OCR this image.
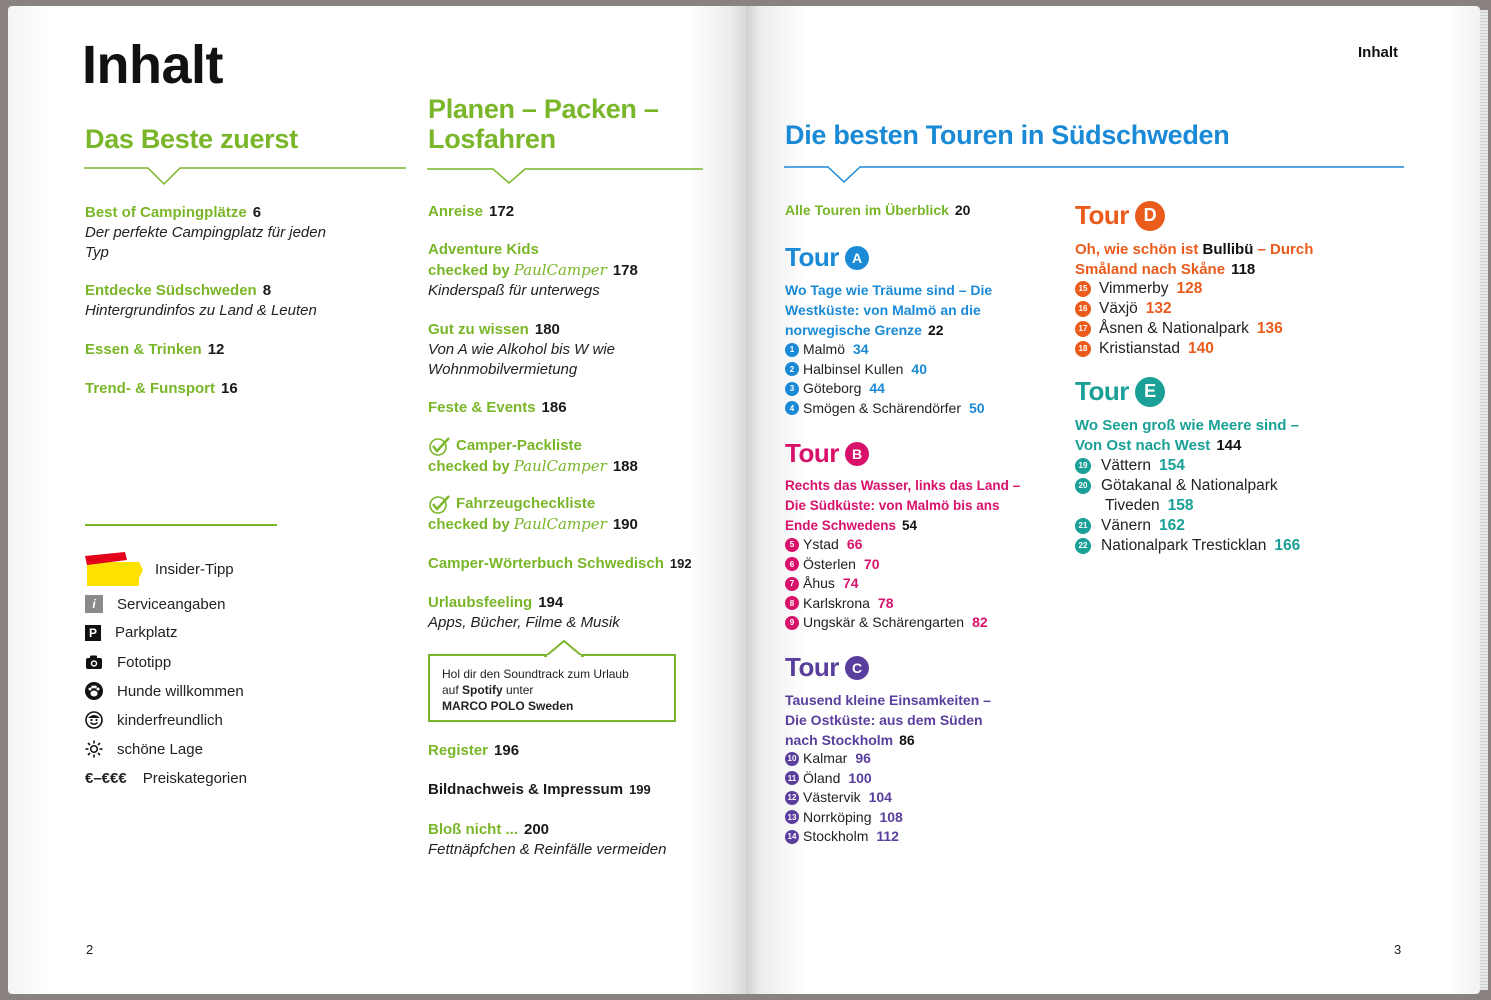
Inhalt
Das Beste zuerst
Best of Campingplätze 6
Der perfekte Campingplatz für jeden Typ
Entdecke Südschweden 8
Hintergrundinfos zu Land & Leuten
Essen & Trinken 12
Trend- & Funsport 16
Insider-Tipp
i	Serviceangaben
P Parkplatz
Fototipp
Hunde willkommen
kinderfreundlich
schöne Lage
€–€€€ Preiskategorien
2
Planen – Packen –
Losfahren
Anreise 172
Adventure Kids
checked by PaulCamper 178
Kinderspaß für unterwegs
Gut zu wissen 180
Von A wie Alkohol bis W wie
Wohnmobilvermietung
Feste & Events 186
Camper-Packliste
checked by PaulCamper 188
Fahrzeugcheckliste
checked by PaulCamper 190
Camper-Wörterbuch Schwedisch 192
Urlaubsfeeling 194
Apps, Bücher, Filme & Musik
Hol dir den Soundtrack zum Urlaub
auf Spotify unter
MARCO POLO Sweden
Register 196
Bildnachweis & Impressum 199
Bloß nicht ... 200
Fettnäpfchen & Reinfälle vermeiden
Inhalt
Die besten Touren in Südschweden
Alle Touren im Überblick 20
Tour A
Wo Tage wie Träume sind – Die
Westküste: von Malmö an die
norwegische Grenze 22
1 Malmö 34
2 Halbinsel Kullen 40
3 Göteborg 44
4 Smögen & Schärendörfer 50
Tour B
Rechts das Wasser, links das Land –
Die Südküste: von Malmö bis ans
Ende Schwedens 54
5 Ystad 66
6 Österlen 70
7 Åhus 74
8 Karlskrona 78
9 Ungskär & Schärengarten 82
Tour C
Tausend kleine Einsamkeiten –
Die Ostküste: aus dem Süden
nach Stockholm 86
10 Kalmar 96
11 Öland 100
12 Västervik 104
13 Norrköping 108
14 Stockholm 112
Tour D
Oh, wie schön ist Bullibü – Durch
Småland nach Skåne 118
15 Vimmerby 128
16 Växjö 132
17 Åsnen & Nationalpark 136
18 Kristianstad 140
Tour E
Wo Seen groß wie Meere sind –
Von Ost nach West 144
19 Vättern 154
20 Götakanal & Nationalpark
Tiveden 158
21 Vänern 162
22 Nationalpark Tresticklan 166
3
